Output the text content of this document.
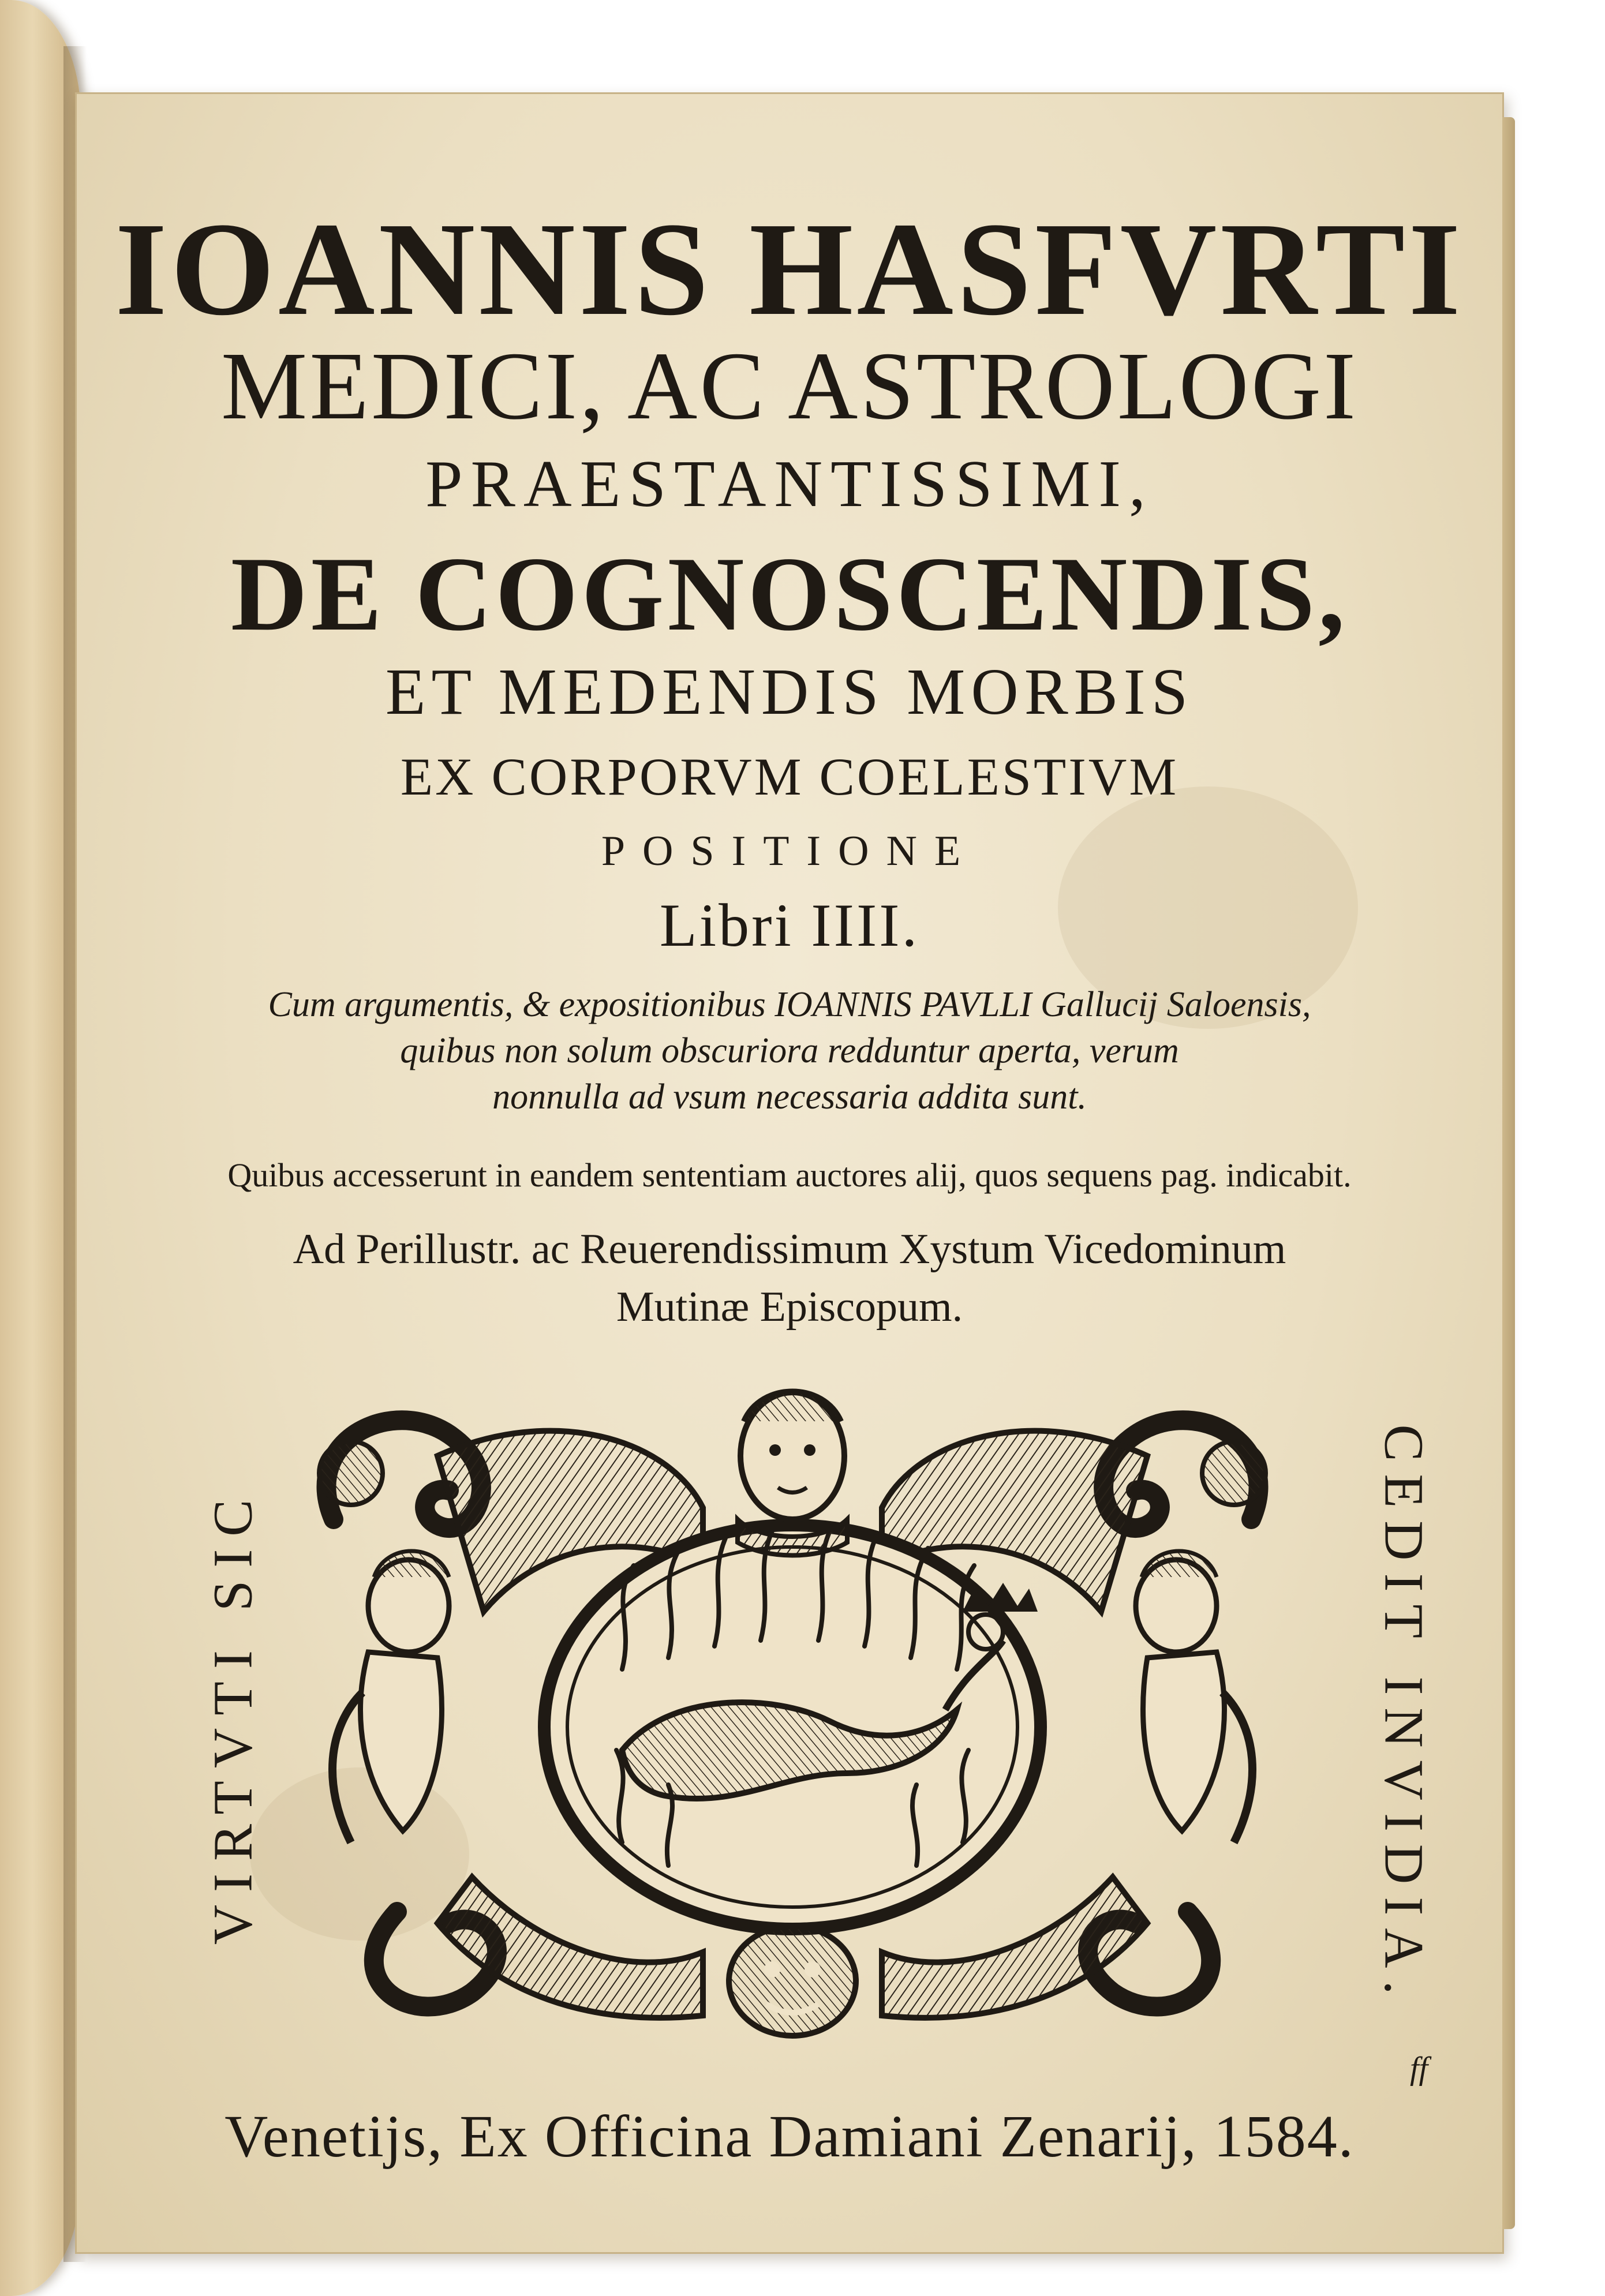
IOANNIS HASFVRTI
MEDICI, AC ASTROLOGI
PRAESTANTISSIMI,
DE COGNOSCENDIS,
ET MEDENDIS MORBIS
EX CORPORVM COELESTIVM
POSITIONE
Libri IIII.
Cum argumentis, & expositionibus IOANNIS PAVLLI Gallucij Saloensis,
quibus non solum obscuriora redduntur aperta, verum
nonnulla ad vsum necessaria addita sunt.
Quibus accesserunt in eandem sententiam auctores alij, quos sequens pag. indicabit.
Ad Perillustr. ac Reuerendissimum Xystum Vicedominum
Mutinæ Episcopum.
VIRTVTI SIC	CEDIT INVIDIA.
ff
Venetijs, Ex Officina Damiani Zenarij, 1584.
